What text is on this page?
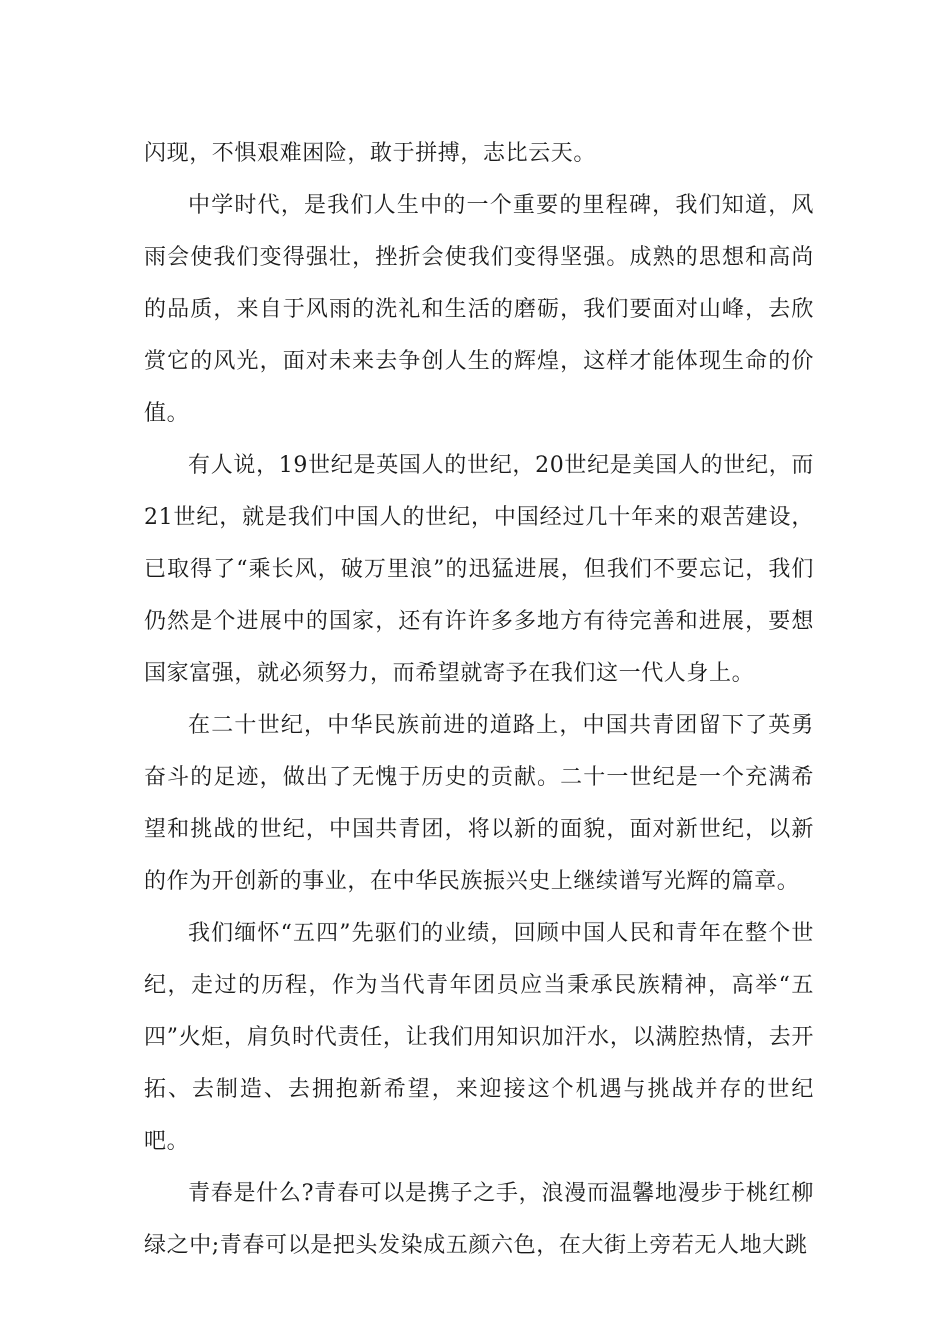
闪现，不惧艰难困险，敢于拼搏，志比云天。

中学时代，是我们人生中的一个重要的里程碑，我们知道，风雨会使我们变得强壮，挫折会使我们变得坚强。成熟的思想和高尚的品质，来自于风雨的洗礼和生活的磨砺，我们要面对山峰，去欣赏它的风光，面对未来去争创人生的辉煌，这样才能体现生命的价值。

有人说，19世纪是英国人的世纪，20世纪是美国人的世纪，而21世纪，就是我们中国人的世纪，中国经过几十年来的艰苦建设，已取得了“乘长风，破万里浪”的迅猛进展，但我们不要忘记，我们仍然是个进展中的国家，还有许许多多地方有待完善和进展，要想国家富强，就必须努力，而希望就寄予在我们这一代人身上。

在二十世纪，中华民族前进的道路上，中国共青团留下了英勇奋斗的足迹，做出了无愧于历史的贡献。二十一世纪是一个充满希望和挑战的世纪，中国共青团，将以新的面貌，面对新世纪，以新的作为开创新的事业，在中华民族振兴史上继续谱写光辉的篇章。

我们缅怀“五四”先驱们的业绩，回顾中国人民和青年在整个世纪，走过的历程，作为当代青年团员应当秉承民族精神，高举“五四”火炬，肩负时代责任，让我们用知识加汗水，以满腔热情，去开拓、去制造、去拥抱新希望，来迎接这个机遇与挑战并存的世纪吧。

青春是什么?青春可以是携子之手，浪漫而温馨地漫步于桃红柳绿之中;青春可以是把头发染成五颜六色，在大街上旁若无人地大跳
